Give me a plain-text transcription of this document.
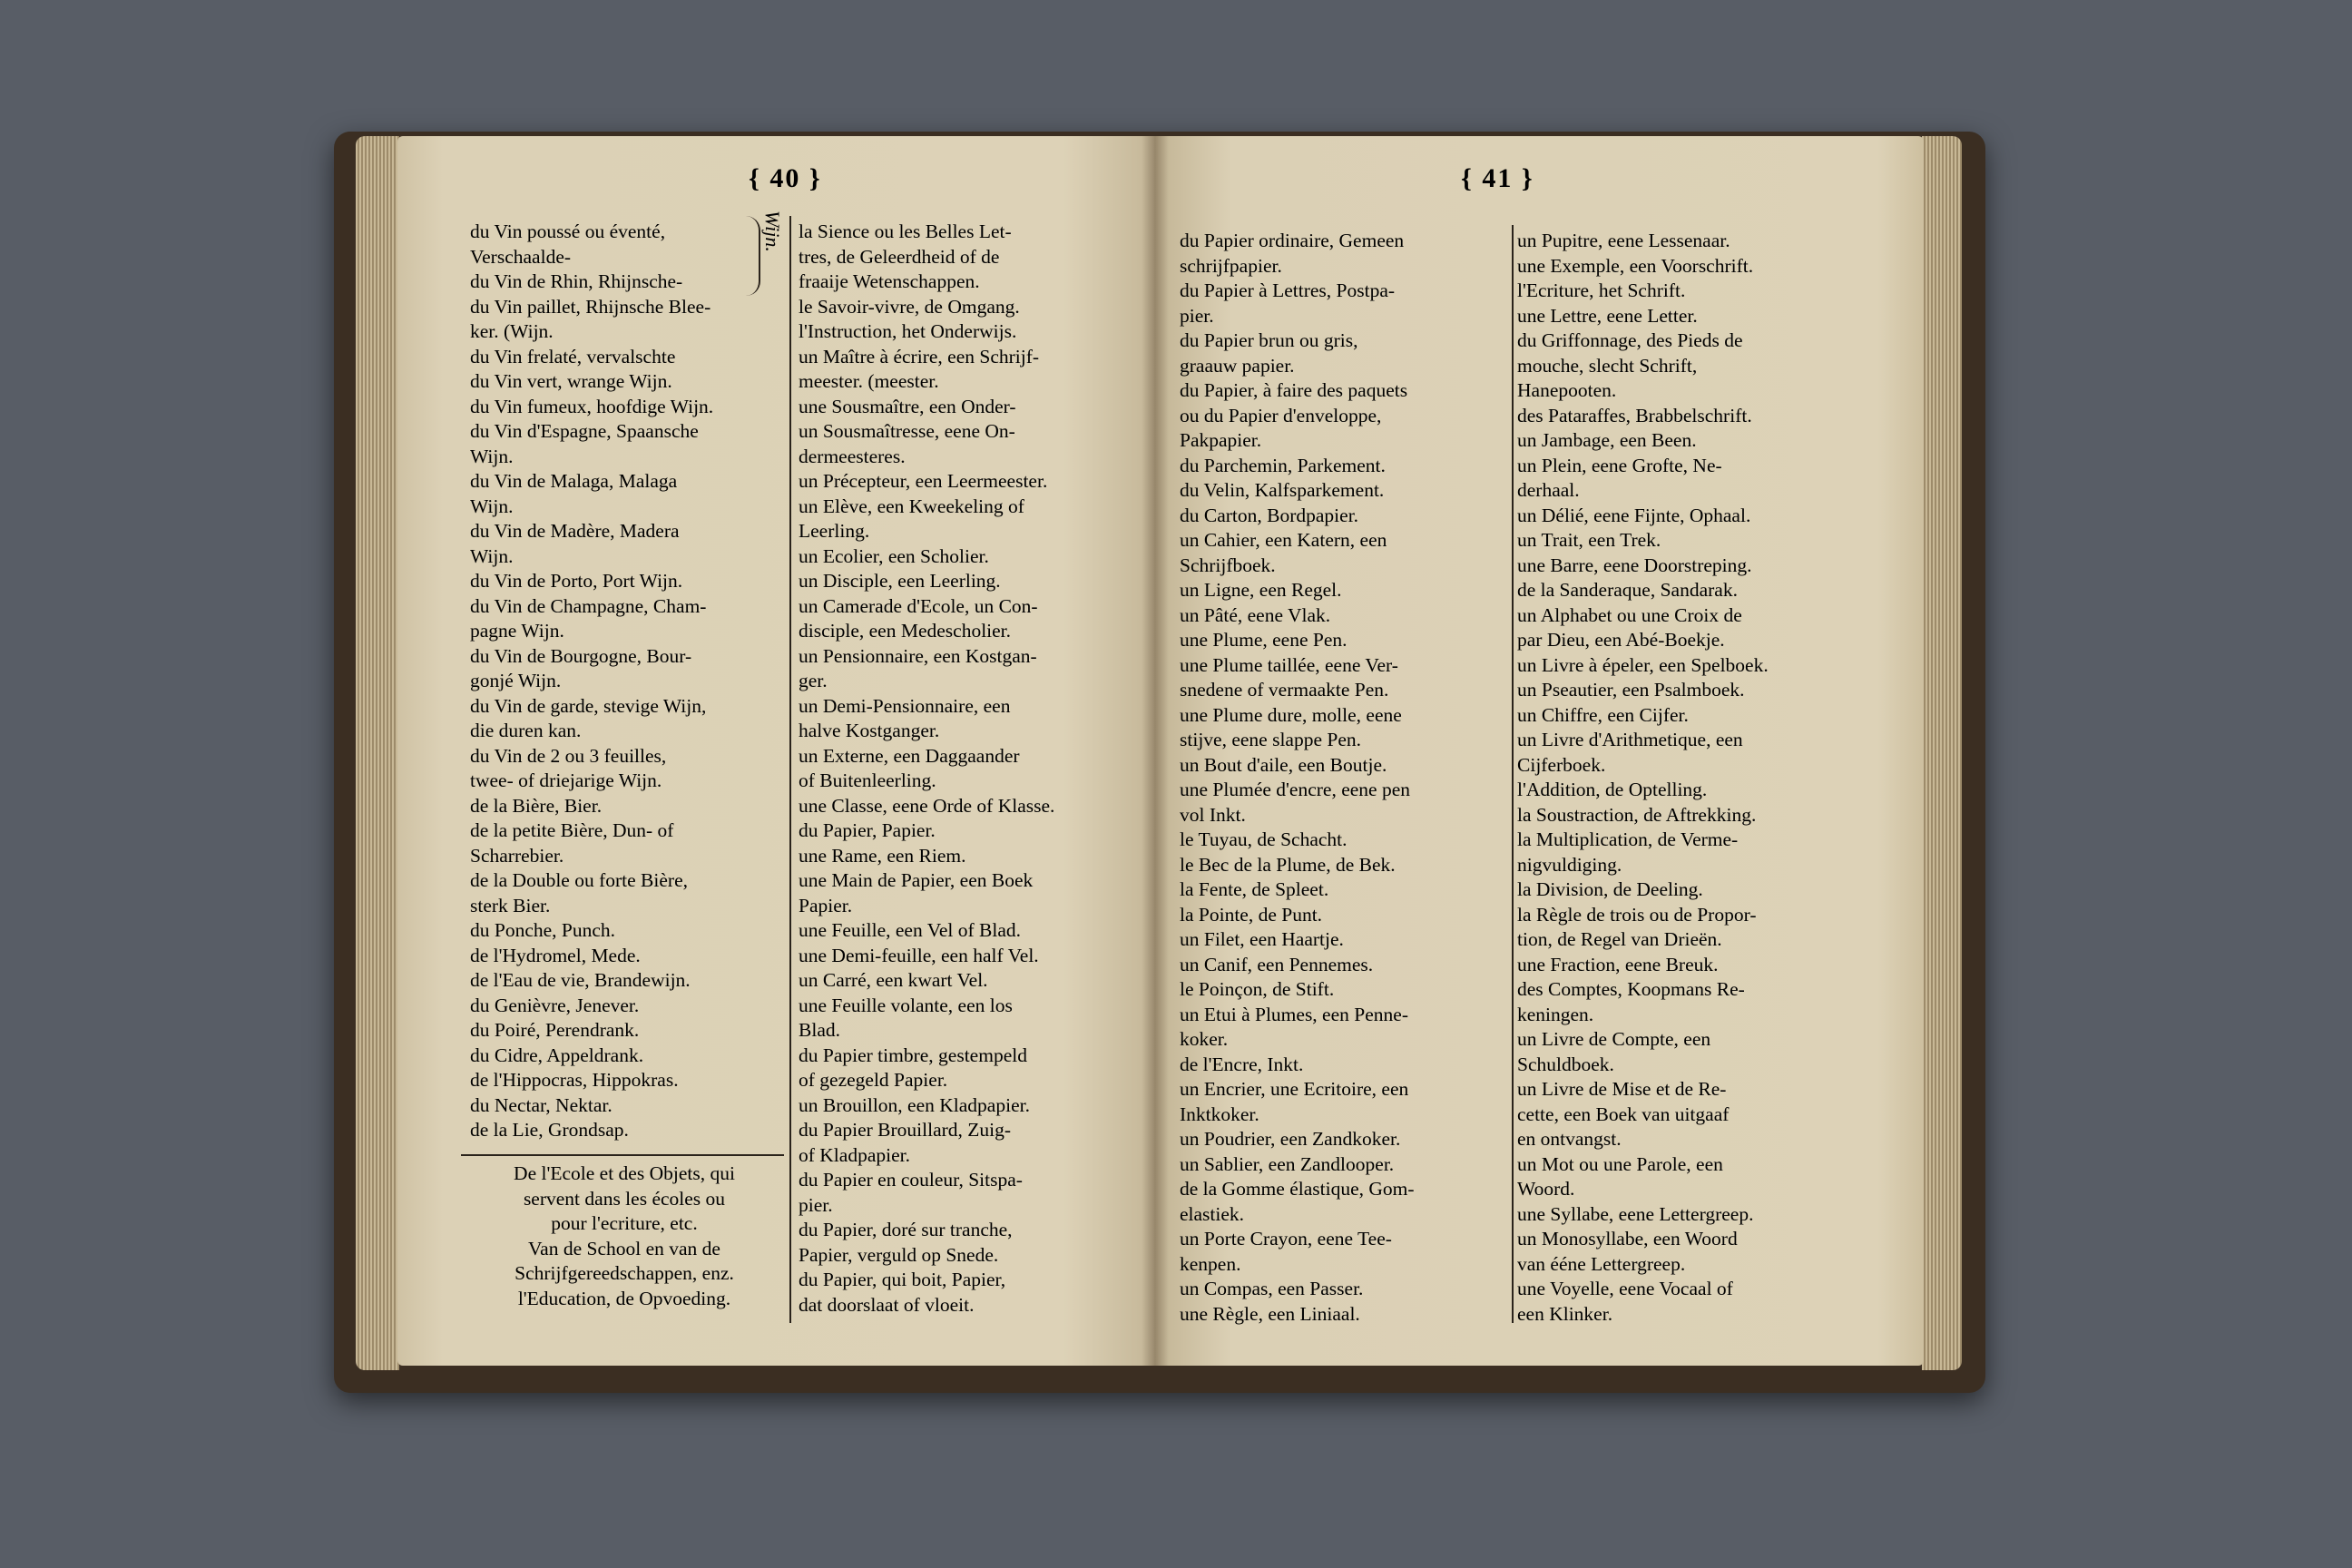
{ 40 }	{ 41 }
du Vin poussé ou éventé,
Verschaalde-
du Vin de Rhin, Rhijnsche-
du Vin paillet, Rhijnsche Blee-
ker. (Wijn.
du Vin frelaté, vervalschte
du Vin vert, wrange Wijn.
du Vin fumeux, hoofdige Wijn.
du Vin d'Espagne, Spaansche
Wijn.
du Vin de Malaga, Malaga
Wijn.
du Vin de Madère, Madera
Wijn.
du Vin de Porto, Port Wijn.
du Vin de Champagne, Cham-
pagne Wijn.
du Vin de Bourgogne, Bour-
gonjé Wijn.
du Vin de garde, stevige Wijn,
die duren kan.
du Vin de 2 ou 3 feuilles,
twee- of driejarige Wijn.
de la Bière, Bier.
de la petite Bière, Dun- of
Scharrebier.
de la Double ou forte Bière,
sterk Bier.
du Ponche, Punch.
de l'Hydromel, Mede.
de l'Eau de vie, Brandewijn.
du Genièvre, Jenever.
du Poiré, Perendrank.
du Cidre, Appeldrank.
de l'Hippocras, Hippokras.
du Nectar, Nektar.
de la Lie, Grondsap.
Wijn.
De l'Ecole et des Objets, qui
servent dans les écoles ou
pour l'ecriture, etc.
Van de School en van de
Schrijfgereedschappen, enz.
l'Education, de Opvoeding.
la Sience ou les Belles Let-
tres, de Geleerdheid of de
fraaije Wetenschappen.
le Savoir-vivre, de Omgang.
l'Instruction, het Onderwijs.
un Maître à écrire, een Schrijf-
meester. (meester.
une Sousmaître, een Onder-
un Sousmaîtresse, eene On-
dermeesteres.
un Précepteur, een Leermeester.
un Elève, een Kweekeling of
Leerling.
un Ecolier, een Scholier.
un Disciple, een Leerling.
un Camerade d'Ecole, un Con-
disciple, een Medescholier.
un Pensionnaire, een Kostgan-
ger.
un Demi-Pensionnaire, een
halve Kostganger.
un Externe, een Daggaander
of Buitenleerling.
une Classe, eene Orde of Klasse.
du Papier, Papier.
une Rame, een Riem.
une Main de Papier, een Boek
Papier.
une Feuille, een Vel of Blad.
une Demi-feuille, een half Vel.
un Carré, een kwart Vel.
une Feuille volante, een los
Blad.
du Papier timbre, gestempeld
of gezegeld Papier.
un Brouillon, een Kladpapier.
du Papier Brouillard, Zuig-
of Kladpapier.
du Papier en couleur, Sitspa-
pier.
du Papier, doré sur tranche,
Papier, verguld op Snede.
du Papier, qui boit, Papier,
dat doorslaat of vloeit.
du Papier ordinaire, Gemeen
schrijfpapier.
du Papier à Lettres, Postpa-
pier.
du Papier brun ou gris,
graauw papier.
du Papier, à faire des paquets
ou du Papier d'enveloppe,
Pakpapier.
du Parchemin, Parkement.
du Velin, Kalfsparkement.
du Carton, Bordpapier.
un Cahier, een Katern, een
Schrijfboek.
un Ligne, een Regel.
un Pâté, eene Vlak.
une Plume, eene Pen.
une Plume taillée, eene Ver-
snedene of vermaakte Pen.
une Plume dure, molle, eene
stijve, eene slappe Pen.
un Bout d'aile, een Boutje.
une Plumée d'encre, eene pen
vol Inkt.
le Tuyau, de Schacht.
le Bec de la Plume, de Bek.
la Fente, de Spleet.
la Pointe, de Punt.
un Filet, een Haartje.
un Canif, een Pennemes.
le Poinçon, de Stift.
un Etui à Plumes, een Penne-
koker.
de l'Encre, Inkt.
un Encrier, une Ecritoire, een
Inktkoker.
un Poudrier, een Zandkoker.
un Sablier, een Zandlooper.
de la Gomme élastique, Gom-
elastiek.
un Porte Crayon, eene Tee-
kenpen.
un Compas, een Passer.
une Règle, een Liniaal.
un Pupitre, eene Lessenaar.
une Exemple, een Voorschrift.
l'Ecriture, het Schrift.
une Lettre, eene Letter.
du Griffonnage, des Pieds de
mouche, slecht Schrift,
Hanepooten.
des Pataraffes, Brabbelschrift.
un Jambage, een Been.
un Plein, eene Grofte, Ne-
derhaal.
un Délié, eene Fijnte, Ophaal.
un Trait, een Trek.
une Barre, eene Doorstreping.
de la Sanderaque, Sandarak.
un Alphabet ou une Croix de
par Dieu, een Abé-Boekje.
un Livre à épeler, een Spelboek.
un Pseautier, een Psalmboek.
un Chiffre, een Cijfer.
un Livre d'Arithmetique, een
Cijferboek.
l'Addition, de Optelling.
la Soustraction, de Aftrekking.
la Multiplication, de Verme-
nigvuldiging.
la Division, de Deeling.
la Règle de trois ou de Propor-
tion, de Regel van Drieën.
une Fraction, eene Breuk.
des Comptes, Koopmans Re-
keningen.
un Livre de Compte, een
Schuldboek.
un Livre de Mise et de Re-
cette, een Boek van uitgaaf
en ontvangst.
un Mot ou une Parole, een
Woord.
une Syllabe, eene Lettergreep.
un Monosyllabe, een Woord
van ééne Lettergreep.
une Voyelle, eene Vocaal of
een Klinker.
